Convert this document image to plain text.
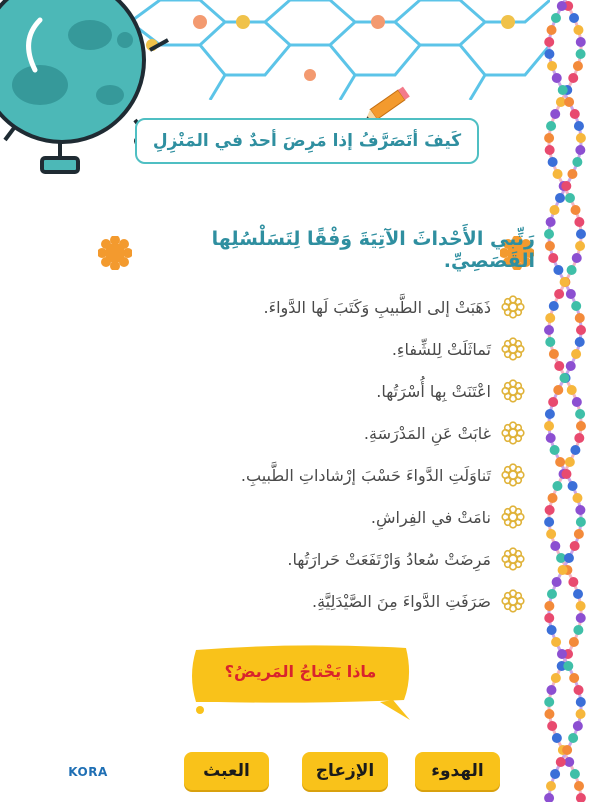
كَيفَ أتَصَرَّفُ إذا مَرِضَ أحدٌ في المَنْزِلِ
رَتِّبي الأَحْداثَ الآتِيَةَ وَفْقًا لِتَسَلْسُلِها القَصَصِيِّ.
ذَهَبَتْ إلى الطَّبيبِ وَكَتَبَ لَها الدَّواءَ.
تَماثَلَتْ لِلشِّفاءِ.
اعْتَنَتْ بِها أُسْرَتُها.
غابَتْ عَنِ المَدْرَسَةِ.
تَناوَلَتِ الدَّواءَ حَسْبَ إرْشاداتِ الطَّبيبِ.
نامَتْ في الفِراشِ.
مَرِضَتْ سُعادُ وَارْتَفَعَتْ حَرارَتُها.
صَرَفَتِ الدَّواءَ مِنَ الصَّيْدَلِيَّةِ.
ماذا يَحْتاجُ المَريضُ؟
الهدوء
الإزعاج
العبث
KORA
